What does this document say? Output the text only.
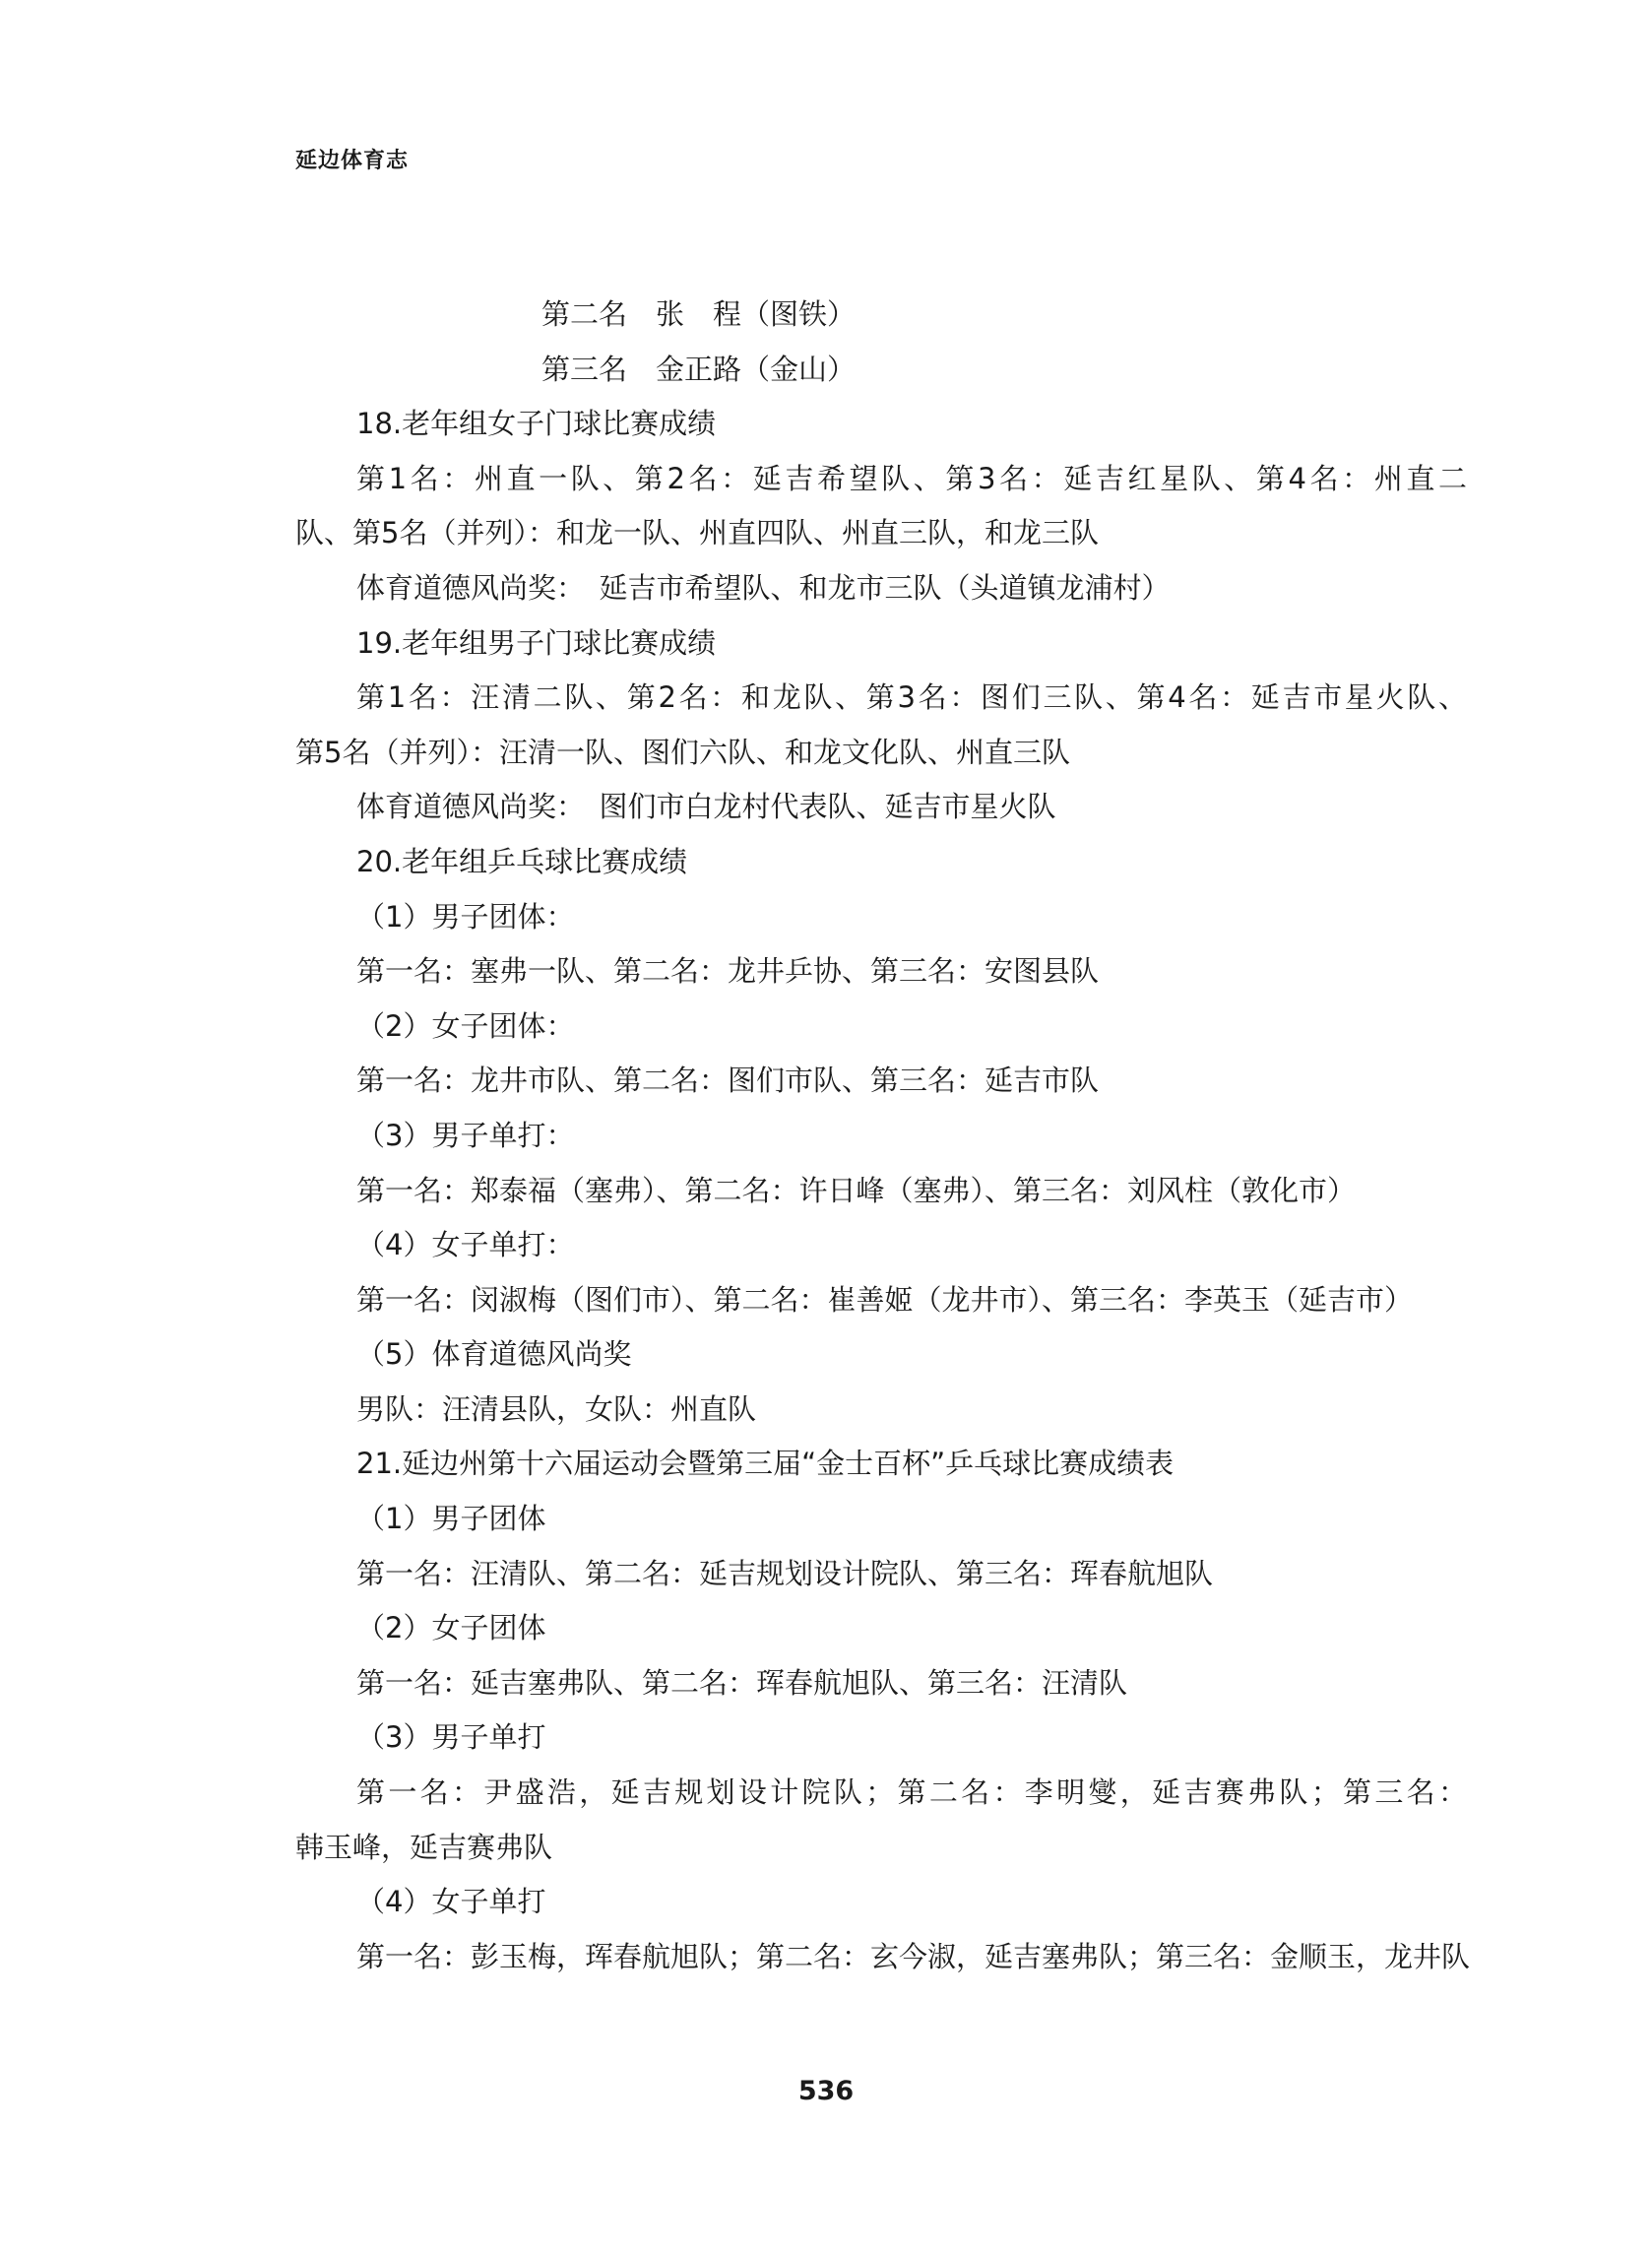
延边体育志
第二名　张　程（图铁）
第三名　金正路（金山）
18.老年组女子门球比赛成绩
第1名：州直一队、第2名：延吉希望队、第3名：延吉红星队、第4名：州直二
队、第5名（并列）：和龙一队、州直四队、州直三队，和龙三队
体育道德风尚奖：　延吉市希望队、和龙市三队（头道镇龙浦村）
19.老年组男子门球比赛成绩
第1名：汪清二队、第2名：和龙队、第3名：图们三队、第4名：延吉市星火队、
第5名（并列）：汪清一队、图们六队、和龙文化队、州直三队
体育道德风尚奖：　图们市白龙村代表队、延吉市星火队
20.老年组乒乓球比赛成绩
（1）男子团体：
第一名：塞弗一队、第二名：龙井乒协、第三名：安图县队
（2）女子团体：
第一名：龙井市队、第二名：图们市队、第三名：延吉市队
（3）男子单打：
第一名：郑泰福（塞弗）、第二名：许日峰（塞弗）、第三名：刘风柱（敦化市）
（4）女子单打：
第一名：闵淑梅（图们市）、第二名：崔善姬（龙井市）、第三名：李英玉（延吉市）
（5）体育道德风尚奖
男队：汪清县队，女队：州直队
21.延边州第十六届运动会暨第三届“金士百杯”乒乓球比赛成绩表
（1）男子团体
第一名：汪清队、第二名：延吉规划设计院队、第三名：珲春航旭队
（2）女子团体
第一名：延吉塞弗队、第二名：珲春航旭队、第三名：汪清队
（3）男子单打
第一名：尹盛浩，延吉规划设计院队；第二名：李明燮，延吉赛弗队；第三名：
韩玉峰，延吉赛弗队
（4）女子单打
第一名：彭玉梅，珲春航旭队；第二名：玄今淑，延吉塞弗队；第三名：金顺玉，龙井队
536
